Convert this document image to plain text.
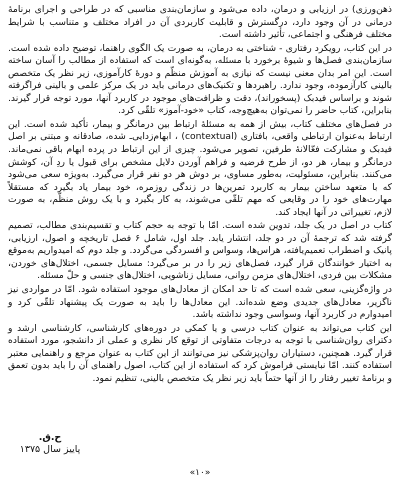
ذهن‌ورزی) در ارزیابی و درمان، داده می‌شود و سازمان‌بندی مناسبی که در طراحی و اجرای برنامهٔ درمانی در آن وجود دارد، درگسترش و قابلیت کاربردی آن در افراد مختلف و متناسب با شرایط مختلف فرهنگی و اجتماعی، تأثیر داشته است.

در این کتاب، رویکرد رفتاری - شناختی به درمان، به صورت یک الگوی راهنما، توضیح داده شده است. سازمان‌بندی فصل‌ها و شیوهٔ برخورد با مسئله، به‌گونه‌ای است که استفاده از مطالب را آسان ساخته است. این امر بدان معنی نیست که نیازی به آموزش منظّم و دورهٔ کارآموزی، زیر نظر یک متخصص بالینی کارآزموده، وجود ندارد. راهبردها و تکنیک‌های درمانی باید در یک مرکز علمی و بالینی فراگرفته شوند و براساس فیدبک (پسخوراند)، دقت و ظرافت‌های موجود در کاربرد آنها، مورد توجه قرار گیرند. بنابراین، کتاب حاضر را نمی‌توان به‌هیچ‌وجه، کتاب «خود-آموز» تلقّی کرد.

در فصل‌های مختلف کتاب، بیش از همه به مسئلهٔ ارتباط بین درمانگر و بیمار، تأکید شده است. این ارتباط به‌عنوان ارتباطی واقعی، بافتاری (contextual) ، ابهام‌زدایی‌ـ شده، صادقانه و مبتنی بر اصل فیدبک و مشارکت فعّالانهٔ طرفین، تصویر می‌شود. چیزی از این ارتباط در پرده ابهام باقی نمی‌ماند. درمانگر و بیمار، هر دو، از طرح فرضیه و فراهم آوردن دلایل مشخص برای قبول یا ردِ آن، کوشش می‌کنند. بنابراین، مسئولیت، به‌طور مساوی، بر دوش هر دو نفر قرار می‌گیرد. به‌ویژه سعی می‌شود که با متعهد ساختن بیمار به کاربرد تمرین‌ها در زندگی روزمره، خود بیمار یاد بگیرد که مستقلاً مهارت‌های خود را در وقایعی که مهم تلقّی می‌شوند، به کار بگیرد و با یک روش منظّم، به صورت لازم، تغییراتی در آنها ایجاد کند.

کتاب در اصل در یک جلد، تدوین شده است. امّا با توجه به حجم کتاب و تقسیم‌بندی مطالب، تصمیم گرفته شد که ترجمهٔ آن در دو جلد، انتشار یابد. جلد اول، شامل ۶ فصل تاریخچه و اصول، ارزیابی، پانیک و اضطراب تعمیم‌یافته، هراس‌ها، وسواس و افسردگی می‌گردد. و جلد دوم که امیدواریم به‌موقع به اختیار خوانندگان قرار گیرد، فصل‌های زیر را در بر می‌گیرد: مسایل جسمی، اختلال‌های خوردن، مشکلات بین فردی، اختلال‌های مزمن روانی، مسایل زناشویی، اختلال‌های جنسی و حلّ مسئله.

در واژه‌گزینی، سعی شده است که تا حد امکان از معادل‌های موجود استفاده شود. امّا در مواردی نیز ناگزیر، معادل‌های جدیدی وضع شده‌اند. این معادل‌ها را باید به صورت یک پیشنهاد تلقّی کرد و امیدوارم در کاربرد آنها، وسواسی وجود نداشته باشد.

این کتاب می‌تواند به عنوان کتاب درسی و یا کمکی در دوره‌های کارشناسی، کارشناسی ارشد و دکترای روان‌شناسی با توجه به درجات متفاوتی از توقع کار نظری و عملی از دانشجو، مورد استفاده قرار گیرد. همچنین، دستیاران روان‌پزشکی نیز می‌توانند از این کتاب به عنوان مرجع و راهنمایی معتبر استفاده کنند. امّا نبایستی فراموش کرد که استفاده از این کتاب، اصول راهنمای آن را باید بدون تعمق و برنامهٔ تغییر رفتار را از آنها حتماً باید زیر نظر یک متخصص بالینی، تنظیم نمود.

ح.ق.
پاییز سال ۱۳۷۵
«۱۰»
